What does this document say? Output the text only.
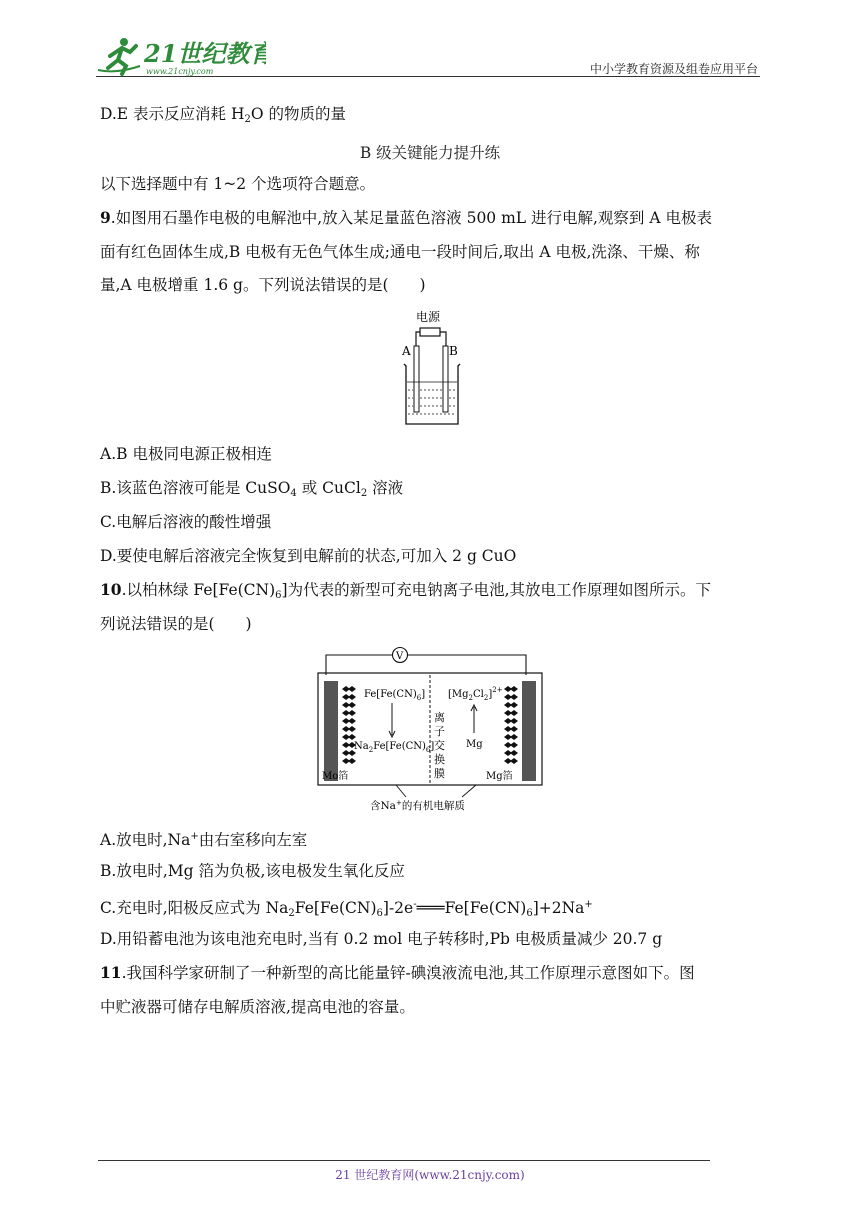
21世纪教育
www.21cnjy.com	中小学教育资源及组卷应用平台
D.E 表示反应消耗 $H_2O$ 的物质的量
B 级关键能力提升练
以下选择题中有 1~2 个选项符合题意。
9.如图用石墨作电极的电解池中,放入某足量蓝色溶液 500 mL 进行电解,观察到 A 电极表
面有红色固体生成,B 电极有无色气体生成;通电一段时间后,取出 A 电极,洗涤、干燥、称
量,A 电极增重 1.6 g。下列说法错误的是(　　)
电源
A	B
A.B 电极同电源正极相连
B.该蓝色溶液可能是 CuSO$_4$ 或 CuCl$_2$ 溶液
C.电解后溶液的酸性增强
D.要使电解后溶液完全恢复到电解前的状态,可加入 2 g CuO
10.以柏林绿 $Fe[Fe(CN)_6]$为代表的新型可充电钠离子电池,其放电工作原理如图所示。下
列说法错误的是(　　)
V
离
子
交
换
膜
$Fe[Fe(CN)_6]$
$Na_2Fe[Fe(CN)_6]$
$[Mg_2Cl_2]^{2+}$
Mg
Mo箔	Mg箔
含Na+的有机电解质
A.放电时,Na+由右室移向左室
B.放电时,Mg 箔为负极,该电极发生氧化反应
C.充电时,阳极反应式为 $Na_2Fe[Fe(CN)_6]-2e^-═══Fe[Fe(CN)_6]+2Na^+$
D.用铅蓄电池为该电池充电时,当有 0.2 mol 电子转移时,Pb 电极质量减少 20.7 g
11.我国科学家研制了一种新型的高比能量锌-碘溴液流电池,其工作原理示意图如下。图
中贮液器可储存电解质溶液,提高电池的容量。
21 世纪教育网(www.21cnjy.com)
